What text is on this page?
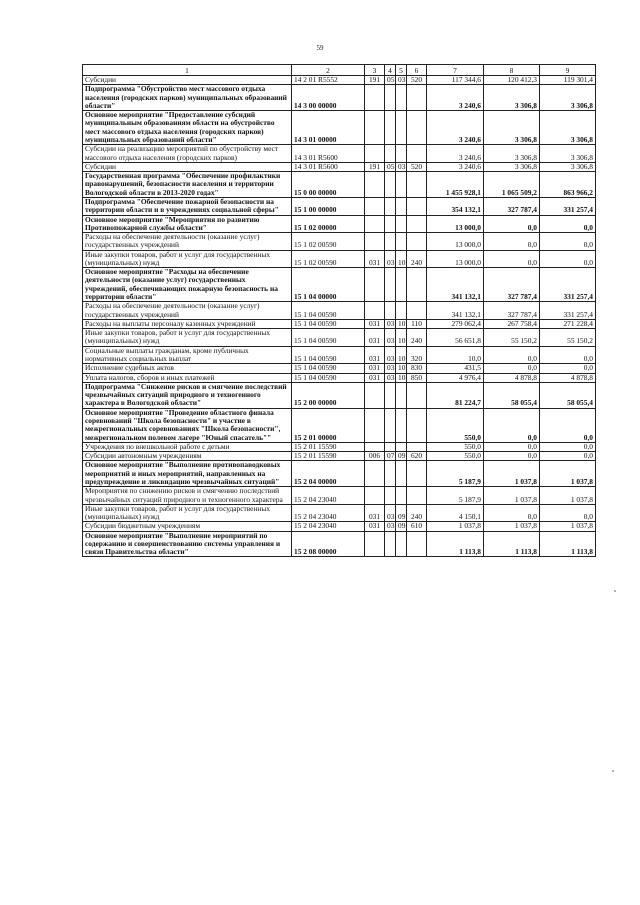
59
1	2	3	4	5	6	7	8	9
Субсидии	14 2 01 R5552	191	05	03	520	117 344,6	120 412,3	119 301,4
Подпрограмма "Обустройство мест массового отдыха населения (городских парков) муниципальных образований области"	14 3 00 00000					3 240,6	3 306,8	3 306,8
Основное мероприятие "Предоставление субсидий муниципальным образованиям области на обустройство мест массового отдыха населения (городских парков) муниципальных образований области"	14 3 01 00000					3 240,6	3 306,8	3 306,8
Субсидии на реализацию мероприятий по обустройству мест массового отдыха населения (городских парков)	14 3 01 R5600					3 240,6	3 306,8	3 306,8
Субсидии	14 3 01 R5600	191	05	03	520	3 240,6	3 306,8	3 306,8
Государственная программа "Обеспечение профилактики правонарушений, безопасности населения и территории Вологодской области в 2013-2020 годах"	15 0 00 00000					1 455 928,1	1 065 509,2	863 966,2
Подпрограмма "Обеспечение пожарной безопасности на территории области и в учреждениях социальной сферы"	15 1 00 00000					354 132,1	327 787,4	331 257,4
Основное мероприятие "Мероприятия по развитию Противопожарной службы области"	15 1 02 00000					13 000,0	0,0	0,0
Расходы на обеспечение деятельности (оказание услуг) государственных учреждений	15 1 02 00590					13 000,0	0,0	0,0
Иные закупки товаров, работ и услуг для государственных (муниципальных) нужд	15 1 02 00590	031	03	10	240	13 000,0	0,0	0,0
Основное мероприятие "Расходы на обеспечение деятельности (оказание услуг) государственных учреждений, обеспечивающих пожарную безопасность на территории области"	15 1 04 00000					341 132,1	327 787,4	331 257,4
Расходы на обеспечение деятельности (оказание услуг) государственных учреждений	15 1 04 00590					341 132,1	327 787,4	331 257,4
Расходы на выплаты персоналу казенных учреждений	15 1 04 00590	031	03	10	110	279 062,4	267 758,4	271 228,4
Иные закупки товаров, работ и услуг для государственных (муниципальных) нужд	15 1 04 00590	031	03	10	240	56 651,8	55 150,2	55 150,2
Социальные выплаты гражданам, кроме публичных нормативных социальных выплат	15 1 04 00590	031	03	10	320	10,0	0,0	0,0
Исполнение судебных актов	15 1 04 00590	031	03	10	830	431,5	0,0	0,0
Уплата налогов, сборов и иных платежей	15 1 04 00590	031	03	10	850	4 976,4	4 878,8	4 878,8
Подпрограмма "Снижение рисков и смягчение последствий чрезвычайных ситуаций природного и техногенного характера в Вологодской области"	15 2 00 00000					81 224,7	58 055,4	58 055,4
Основное мероприятие "Проведение областного финала соревнований "Школа безопасности" и участие в межрегиональных соревнованиях "Школа безопасности", межрегиональном полевом лагере "Юный спасатель""	15 2 01 00000					550,0	0,0	0,0
Учреждения по внешкольной работе с детьми	15 2 01 15590					550,0	0,0	0,0
Субсидии автономным учреждениям	15 2 01 15590	006	07	09	620	550,0	0,0	0,0
Основное мероприятие "Выполнение противопаводковых мероприятий и иных мероприятий, направленных на предупреждение и ликвидацию чрезвычайных ситуаций"	15 2 04 00000					5 187,9	1 037,8	1 037,8
Мероприятия по снижению рисков и смягчению последствий чрезвычайных ситуаций природного и техногенного характера	15 2 04 23040					5 187,9	1 037,8	1 037,8
Иные закупки товаров, работ и услуг для государственных (муниципальных) нужд	15 2 04 23040	031	03	09	240	4 150,1	0,0	0,0
Субсидии бюджетным учреждениям	15 2 04 23040	031	03	09	610	1 037,8	1 037,8	1 037,8
Основное мероприятие "Выполнение мероприятий по содержанию и совершенствованию системы управления и связи Правительства области"	15 2 08 00000					1 113,8	1 113,8	1 113,8
